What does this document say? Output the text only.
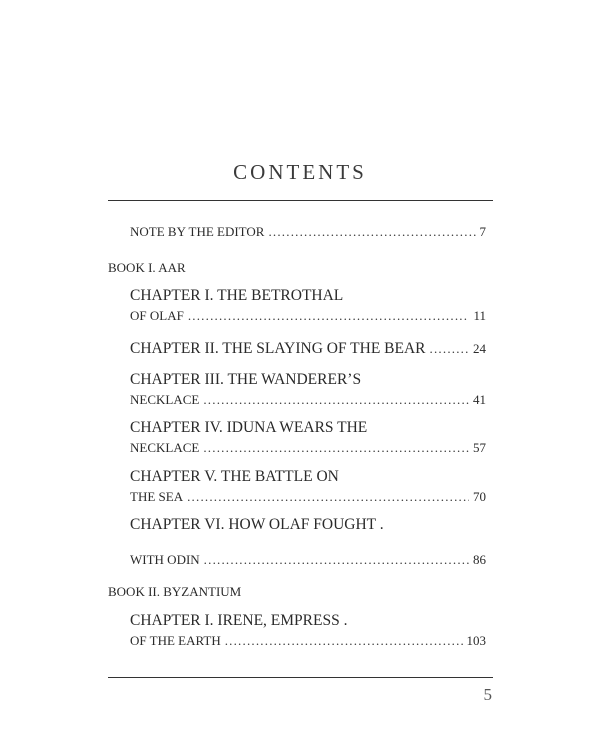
CONTENTS
NOTE BY THE EDITOR .....	7
BOOK I. AAR
CHAPTER I. THE BETROTHAL
OF OLAF .....	11
CHAPTER II. THE SLAYING OF THE BEAR .....	24
CHAPTER III. THE WANDERER’S
NECKLACE .....	41
CHAPTER IV. IDUNA WEARS THE
NECKLACE .....	57
CHAPTER V. THE BATTLE ON
THE SEA .....	70
CHAPTER VI. HOW OLAF FOUGHT .
WITH ODIN .....	86
BOOK II. BYZANTIUM
CHAPTER I. IRENE, EMPRESS .
OF THE EARTH .....	103
5
